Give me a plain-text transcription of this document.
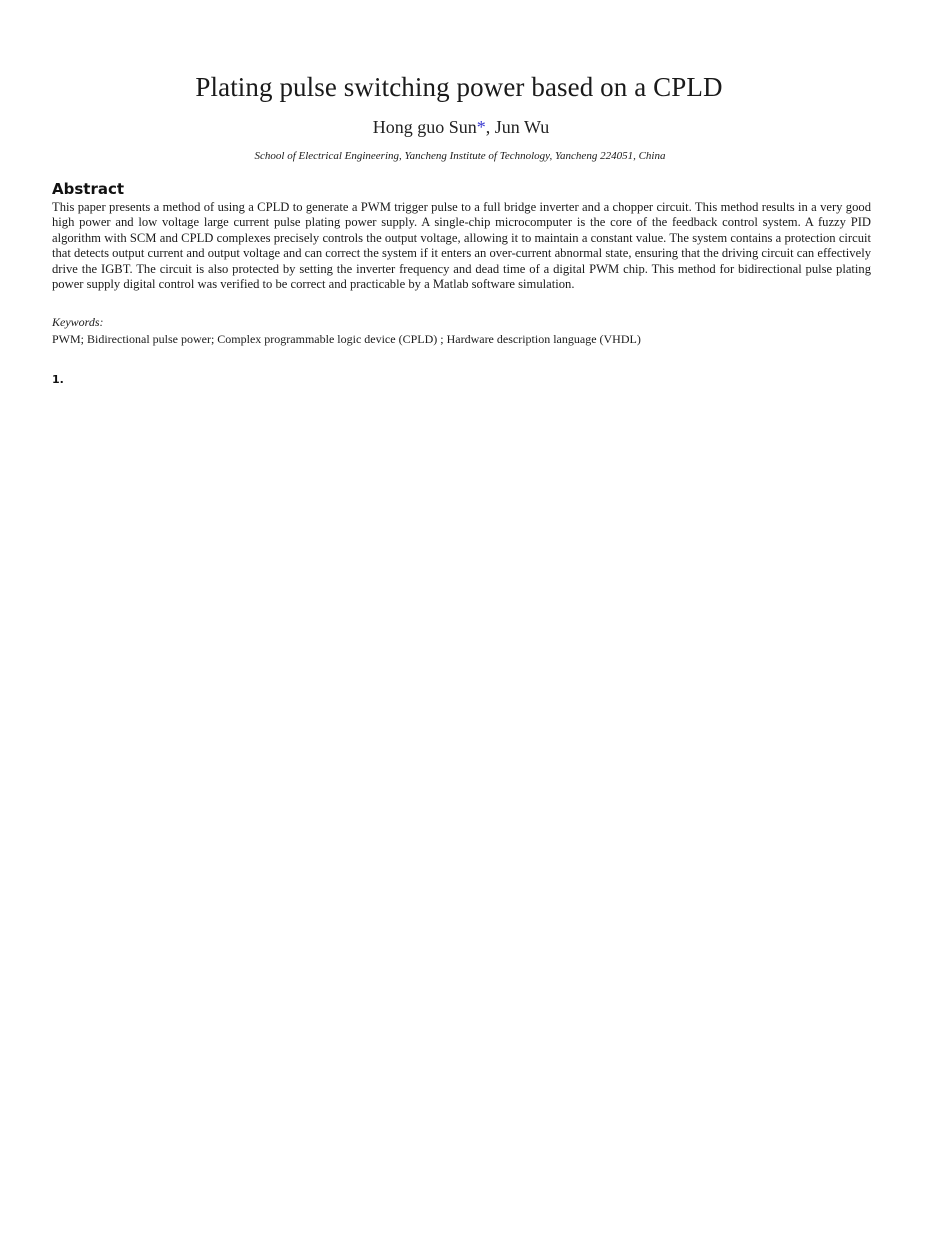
Plating pulse switching power based on a CPLD
Hong guo Sun*, Jun Wu
School of Electrical Engineering, Yancheng Institute of Technology, Yancheng 224051, China
Abstract

This paper presents a method of using a CPLD to generate a PWM trigger pulse to a full bridge inverter and a chopper circuit. This method results in a very good high power and low voltage large current pulse plating power supply. A single-chip microcomputer is the core of the feedback control system. A fuzzy PID algorithm with SCM and CPLD complexes precisely controls the output voltage, allowing it to maintain a constant value. The system contains a protection circuit that detects output current and output voltage and can correct the system if it enters an over-current abnormal state, ensuring that the driving circuit can effectively drive the IGBT. The circuit is also protected by setting the inverter frequency and dead time of a digital PWM chip. This method for bidirectional pulse plating power supply digital control was verified to be correct and practicable by a Matlab software simulation.

Keywords:
PWM; Bidirectional pulse power; Complex programmable logic device (CPLD) ; Hardware description language (VHDL)
1.
